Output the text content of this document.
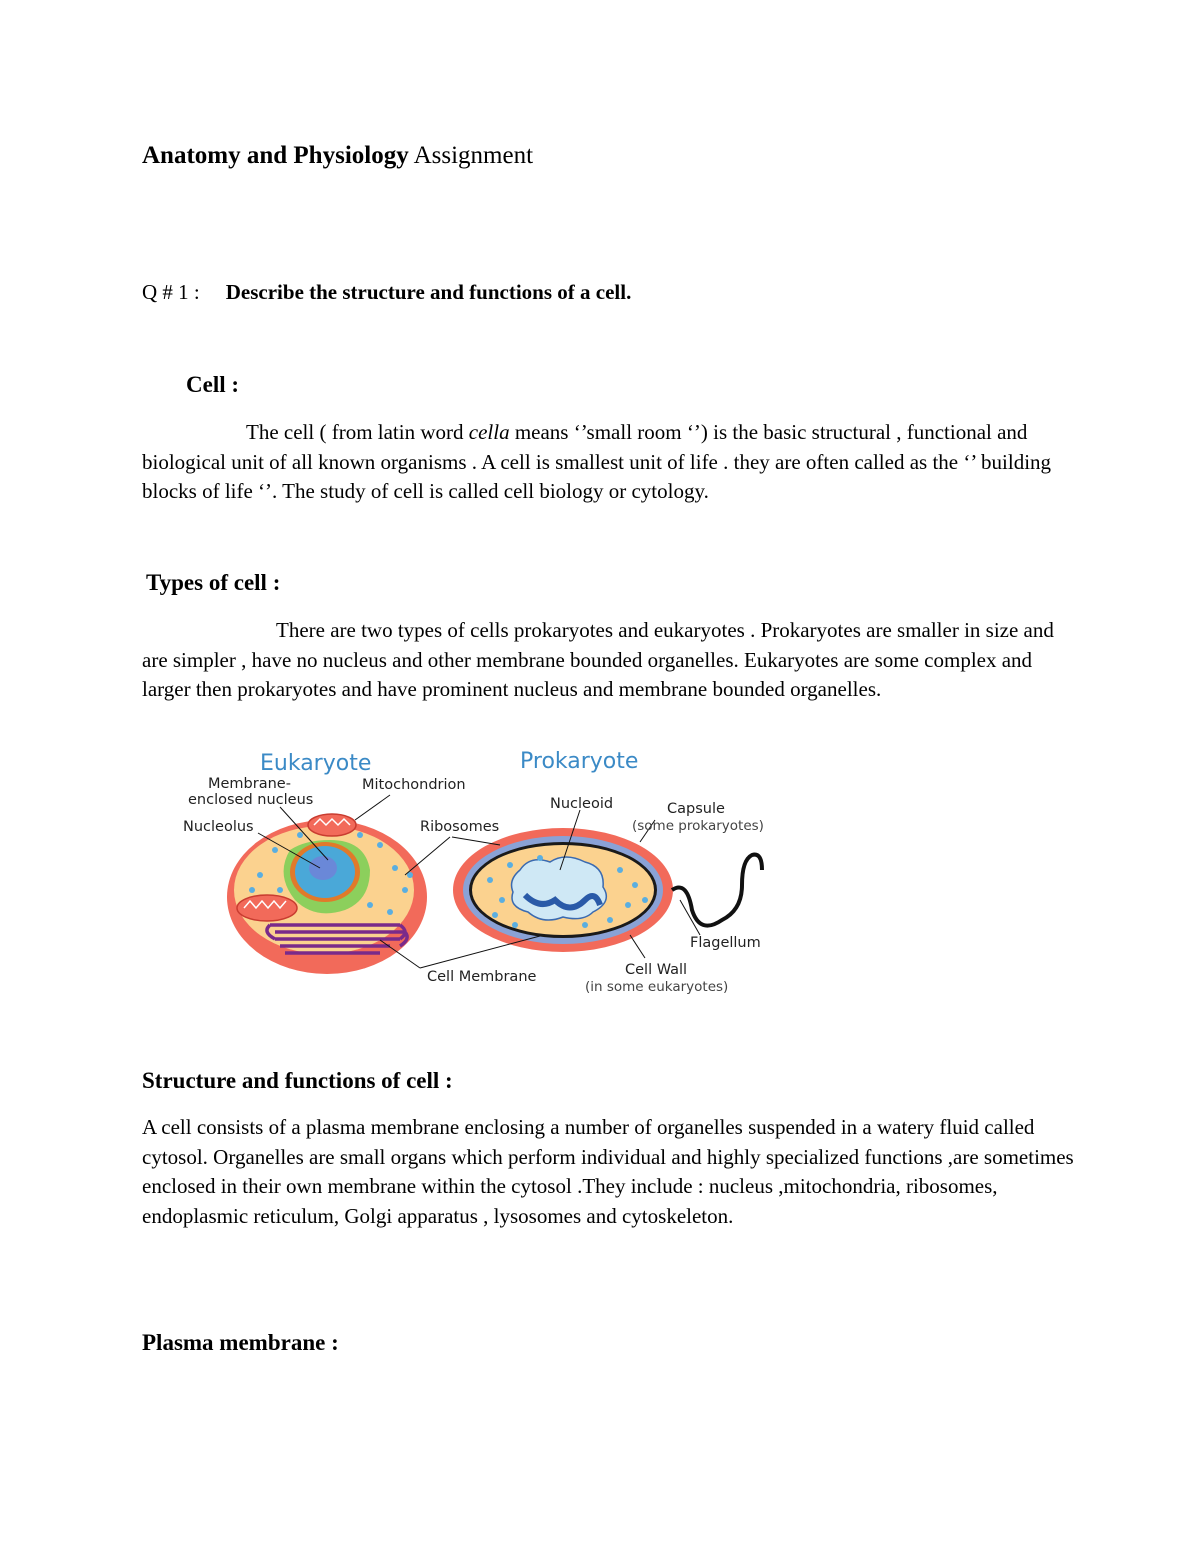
Anatomy and Physiology Assignment
Q # 1 : Describe the structure and functions of a cell.
Cell :
The cell ( from latin word cella means ‘’small room ‘’) is the basic structural , functional and biological unit of all known organisms . A cell is smallest unit of life . they are often called as the ‘’ building blocks of life ‘’. The study of cell is called cell biology or cytology.
Types of cell :
There are two types of cells prokaryotes and eukaryotes . Prokaryotes are smaller in size and are simpler , have no nucleus and other membrane bounded organelles. Eukaryotes are some complex and larger then prokaryotes and have prominent nucleus and membrane bounded organelles.
Eukaryote	Prokaryote
Membrane-
enclosed nucleus
Mitochondrion
Nucleolus	Ribosomes
Nucleoid	Capsule
(some prokaryotes)
Flagellum
Cell Membrane	Cell Wall
(in some eukaryotes)
Structure and functions of cell :
A cell consists of a plasma membrane enclosing a number of organelles suspended in a watery fluid called cytosol. Organelles are small organs which perform individual and highly specialized functions ,are sometimes enclosed in their own membrane within the cytosol .They include : nucleus ,mitochondria, ribosomes, endoplasmic reticulum, Golgi apparatus , lysosomes and cytoskeleton.
Plasma membrane :
